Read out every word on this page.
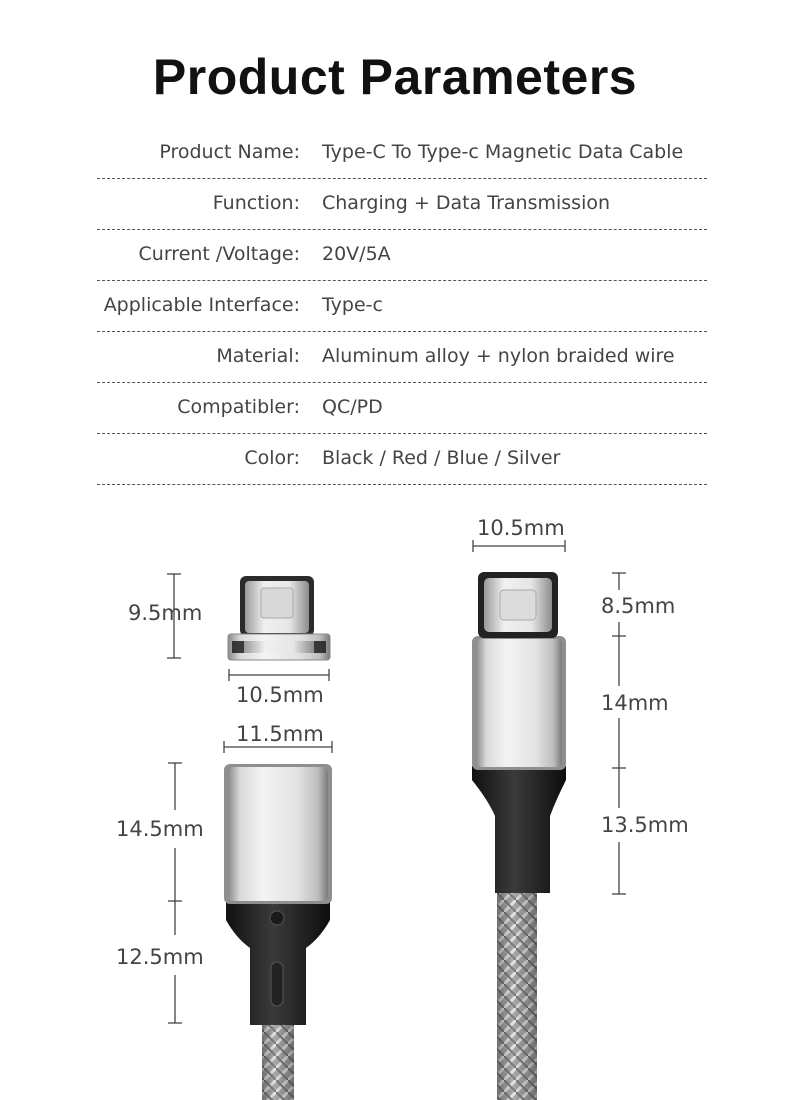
Product Parameters
Product Name: Type-C To Type-c Magnetic Data Cable
Function: Charging + Data Transmission
Current /Voltage: 20V/5A
Applicable Interface: Type-c
Material: Aluminum alloy + nylon braided wire
Compatibler: QC/PD
Color: Black / Red / Blue / Silver
9.5mm
10.5mm
11.5mm
14.5mm
12.5mm
10.5mm
8.5mm
14mm
13.5mm
